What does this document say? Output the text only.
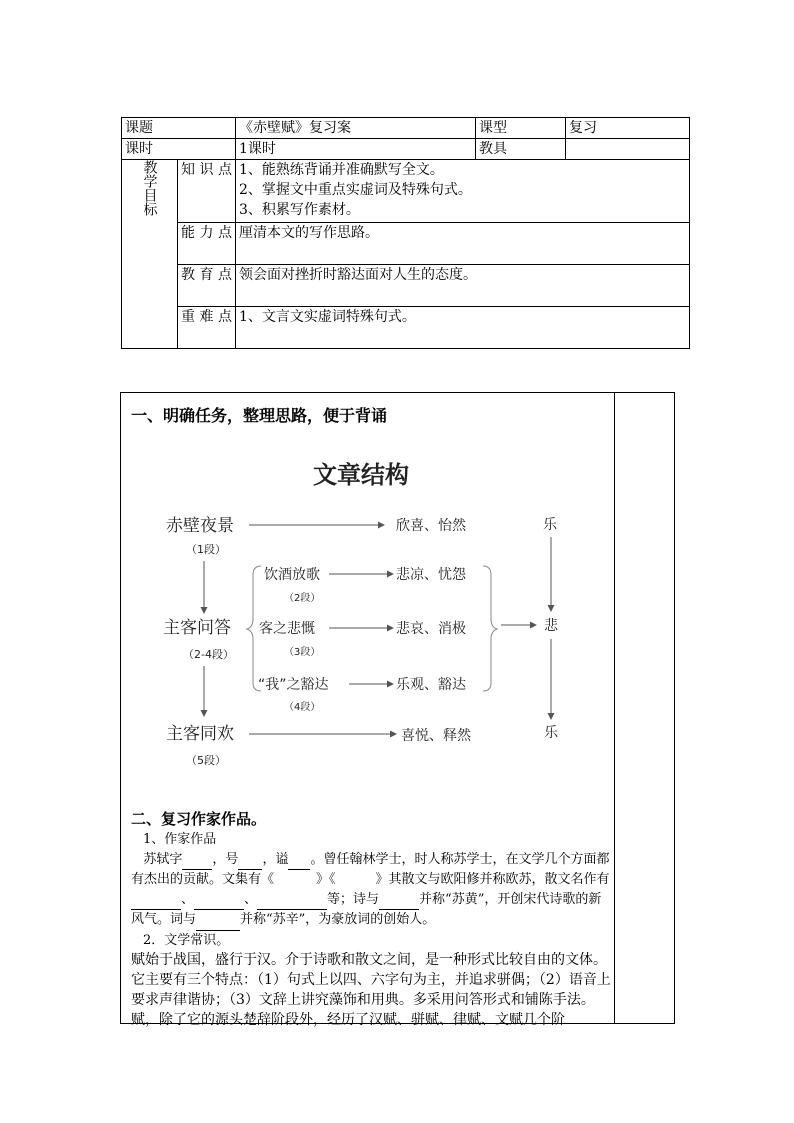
课题		《赤壁赋》复习案	课型	复习
课时		1课时	教具	
教学目标	知 识 点	1、能熟练背诵并准确默写全文。
2、掌握文中重点实虚词及特殊句式。
3、积累写作素材。		

	能 力 点	厘清本文的写作思路。		

	教 育 点	领会面对挫折时豁达面对人生的态度。		

	重 难 点	1、文言文实虚词特殊句式。		
一、明确任务，整理思路，便于背诵
文章结构
赤壁夜景
（1段）
主客问答
（2-4段）
主客同欢
（5段）
饮酒放歌
（2段）
客之悲慨
（3段）
“我”之豁达
（4段）
欣喜、怡然
悲凉、忧怨
悲哀、消极
乐观、豁达
喜悦、释然
乐
悲
乐
二、复习作家作品。

1、作家作品

苏轼字 ，号 ，谥 。曾任翰林学士，时人称苏学士，在文学几个方面都有杰出的贡献。文集有《	》《	》其散文与欧阳修并称欧苏，散文名作有 、	、	等；诗与	并称“苏黄”，开创宋代诗歌的新风气。词与	并称“苏辛”，为豪放词的创始人。

2．文学常识。

赋始于战国，盛行于汉。介于诗歌和散文之间，是一种形式比较自由的文体。它主要有三个特点：（1）句式上以四、六字句为主，并追求骈偶；（2）语音上要求声律谐协；（3）文辞上讲究藻饰和用典。多采用问答形式和铺陈手法。赋，除了它的源头楚辞阶段外，经历了汉赋、骈赋、律赋、文赋几个阶
